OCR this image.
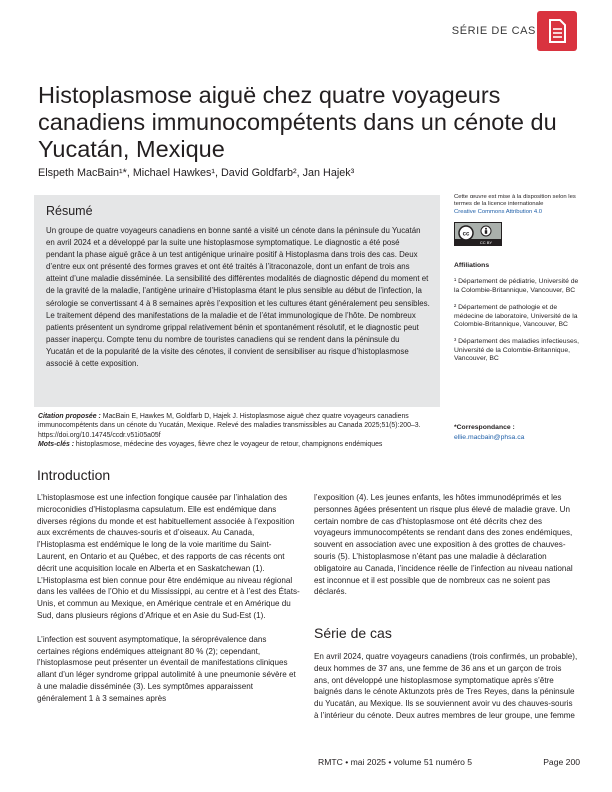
SÉRIE DE CAS
Histoplasmose aiguë chez quatre voyageurs canadiens immunocompétents dans un cénote du Yucatán, Mexique
Elspeth MacBain¹*, Michael Hawkes¹, David Goldfarb², Jan Hajek³
Résumé

Un groupe de quatre voyageurs canadiens en bonne santé a visité un cénote dans la péninsule du Yucatán en avril 2024 et a développé par la suite une histoplasmose symptomatique. Le diagnostic a été posé pendant la phase aiguë grâce à un test antigénique urinaire positif à Histoplasma dans trois des cas. Deux d’entre eux ont présenté des formes graves et ont été traités à l’itraconazole, dont un enfant de trois ans atteint d’une maladie disséminée. La sensibilité des différentes modalités de diagnostic dépend du moment et de la gravité de la maladie, l’antigène urinaire d’Histoplasma étant le plus sensible au début de l’infection, la sérologie se convertissant 4 à 8 semaines après l’exposition et les cultures étant généralement peu sensibles. Le traitement dépend des manifestations de la maladie et de l’état immunologique de l’hôte. De nombreux patients présentent un syndrome grippal relativement bénin et spontanément résolutif, et le diagnostic peut passer inaperçu. Compte tenu du nombre de touristes canadiens qui se rendent dans la péninsule du Yucatán et de la popularité de la visite des cénotes, il convient de sensibiliser au risque d’histoplasmose associé à cette exposition.

Citation proposée : MacBain E, Hawkes M, Goldfarb D, Hajek J. Histoplasmose aiguë chez quatre voyageurs canadiens immunocompétents dans un cénote du Yucatán, Mexique. Relevé des maladies transmissibles au Canada 2025;51(5):200–3. https://doi.org/10.14745/ccdr.v51i05a05f
Mots-clés : histoplasmose, médecine des voyages, fièvre chez le voyageur de retour, champignons endémiques
Cette œuvre est mise à la disposition selon les termes de la licence internationale
Creative Commons Attribution 4.0
cc
CC BY
Affiliations
¹ Département de pédiatrie, Université de la Colombie-Britannique, Vancouver, BC
² Département de pathologie et de médecine de laboratoire, Université de la Colombie-Britannique, Vancouver, BC
³ Département des maladies infectieuses, Université de la Colombie-Britannique, Vancouver, BC
*Correspondance :
ellie.macbain@phsa.ca
Introduction

L’histoplasmose est une infection fongique causée par l’inhalation des microconidies d’Histoplasma capsulatum. Elle est endémique dans diverses régions du monde et est habituellement associée à l’exposition aux excréments de chauves-souris et d’oiseaux. Au Canada, l’Histoplasma est endémique le long de la voie maritime du Saint-Laurent, en Ontario et au Québec, et des rapports de cas récents ont décrit une acquisition locale en Alberta et en Saskatchewan (1). L’Histoplasma est bien connue pour être endémique au niveau régional dans les vallées de l’Ohio et du Mississippi, au centre et à l’est des États-Unis, et commun au Mexique, en Amérique centrale et en Amérique du Sud, dans plusieurs régions d’Afrique et en Asie du Sud-Est (1).

L’infection est souvent asymptomatique, la séroprévalence dans certaines régions endémiques atteignant 80 % (2); cependant, l’histoplasmose peut présenter un éventail de manifestations cliniques allant d’un léger syndrome grippal autolimité à une pneumonie sévère et à une maladie disséminée (3). Les symptômes apparaissent généralement 1 à 3 semaines après

l’exposition (4). Les jeunes enfants, les hôtes immunodéprimés et les personnes âgées présentent un risque plus élevé de maladie grave. Un certain nombre de cas d’histoplasmose ont été décrits chez des voyageurs immunocompétents se rendant dans des zones endémiques, souvent en association avec une exposition à des grottes de chauves-souris (5). L’histoplasmose n’étant pas une maladie à déclaration obligatoire au Canada, l’incidence réelle de l’infection au niveau national est inconnue et il est possible que de nombreux cas ne soient pas déclarés.

Série de cas

En avril 2024, quatre voyageurs canadiens (trois confirmés, un probable), deux hommes de 37 ans, une femme de 36 ans et un garçon de trois ans, ont développé une histoplasmose symptomatique après s’être baignés dans le cénote Aktunzots près de Tres Reyes, dans la péninsule du Yucatán, au Mexique. Ils se souviennent avoir vu des chauves-souris à l’intérieur du cénote. Deux autres membres de leur groupe, une femme

RMTC • mai 2025 • volume 51 numéro 5	Page 200
